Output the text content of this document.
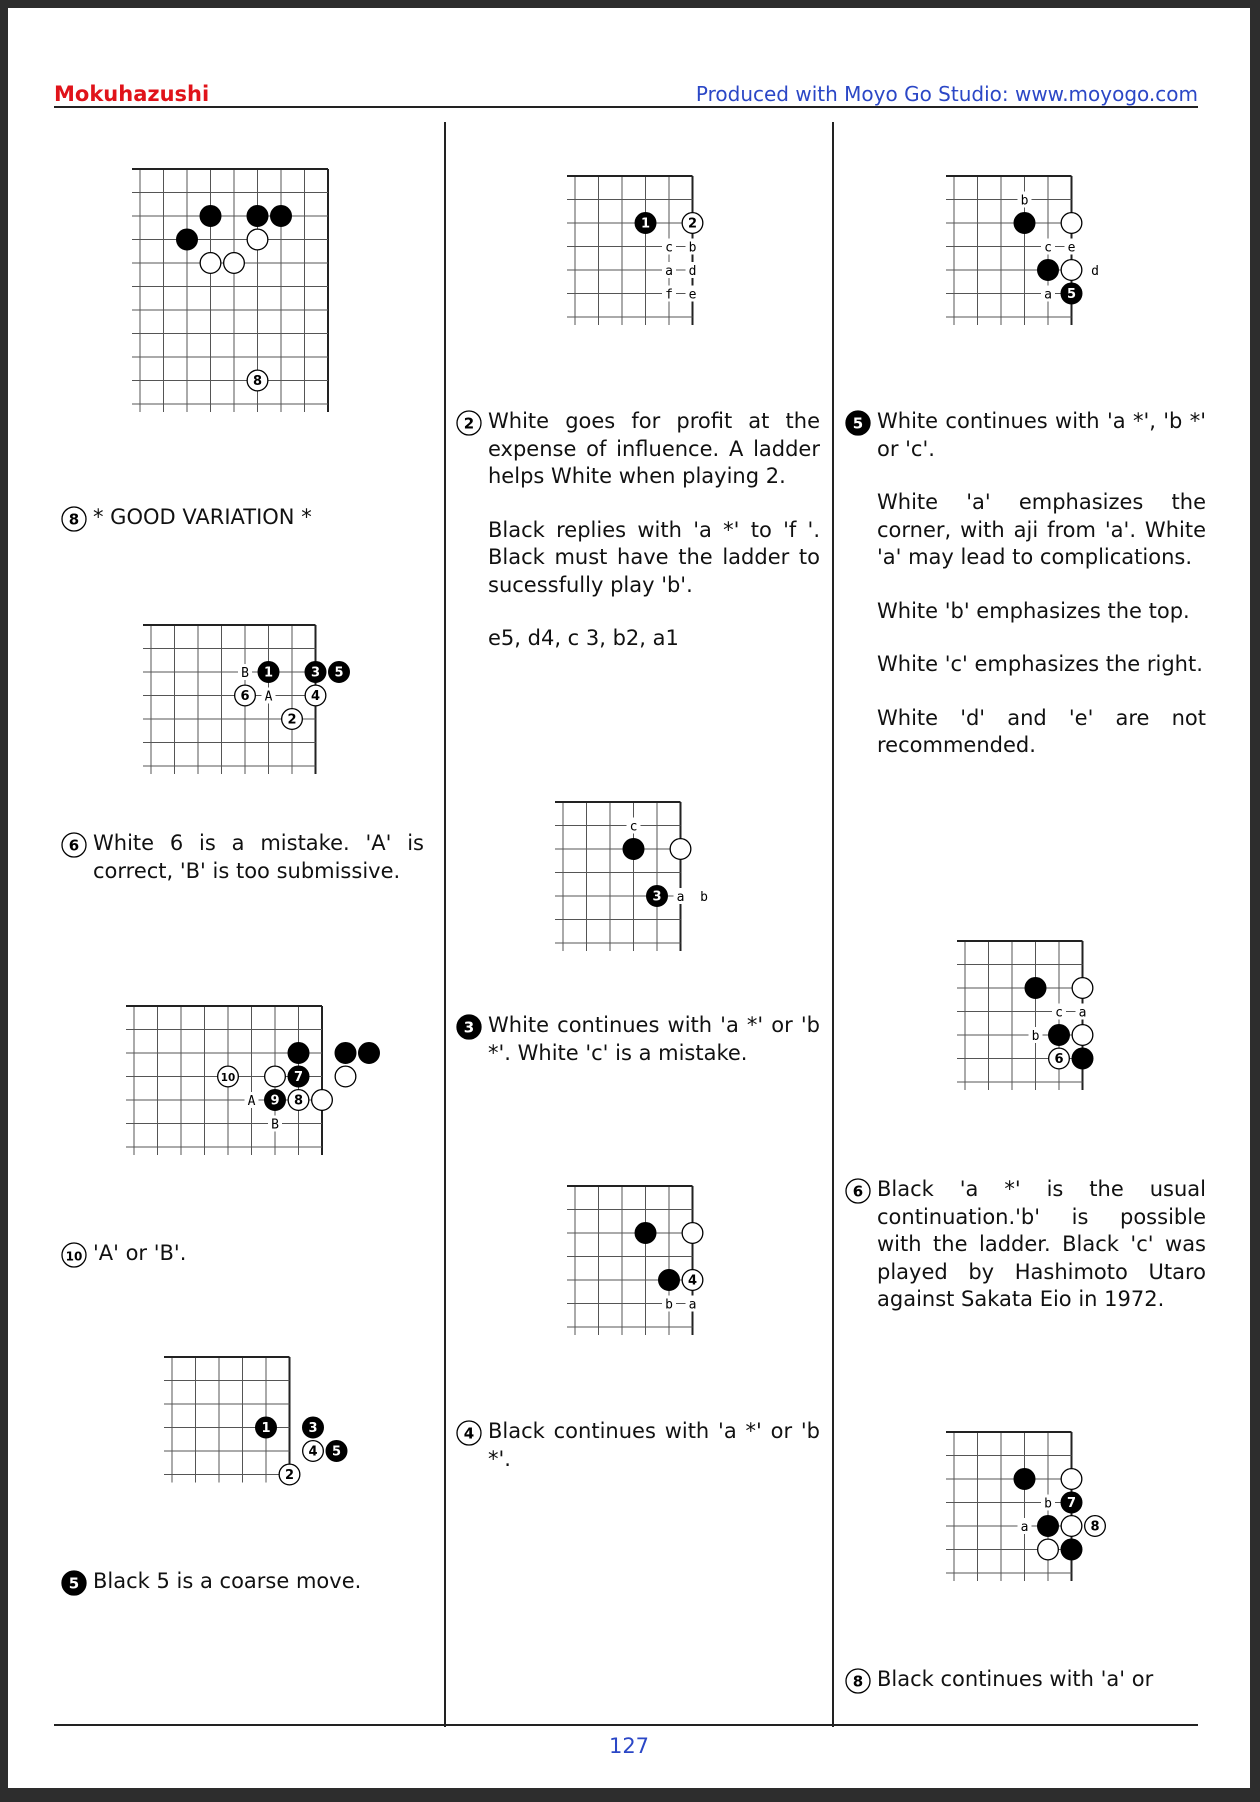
Mokuhazushi	Produced with Moyo Go Studio: www.moyogo.com
127
8
8 * GOOD VARIATION *

B
A
1	3 5
6	4
2
6 White 6 is a mistake. 'A' is correct, 'B' is too submissive.

A
B
7
10
9 8
10 'A' or 'B'.

1	3
5
4
2
5 Black 5 is a coarse move.

c b
a d
f e
1	2
2 White goes for profit at the expense of influence. A ladder helps White when playing 2.

Black replies with 'a *' to 'f '. Black must have the ladder to sucessfully play 'b'.

e5, d4, c 3, b2, a1

c
a b
3
3 White continues with 'a *' or 'b *'. White 'c' is a mistake.

b a
4
4 Black continues with 'a *' or 'b *'.

b
c e
d
a 5
5 White continues with 'a *', 'b *' or 'c'.

White 'a' emphasizes the corner, with aji from 'a'. White 'a' may lead to complications.

White 'b' emphasizes the top.

White 'c' emphasizes the right.

White 'd' and 'e' are not recommended.

c a
b
6
6 Black 'a *' is the usual continuation.'b' is possible with the ladder. Black 'c' was played by Hashimoto Utaro against Sakata Eio in 1972.

b
a
7
8
8 Black continues with 'a' or
